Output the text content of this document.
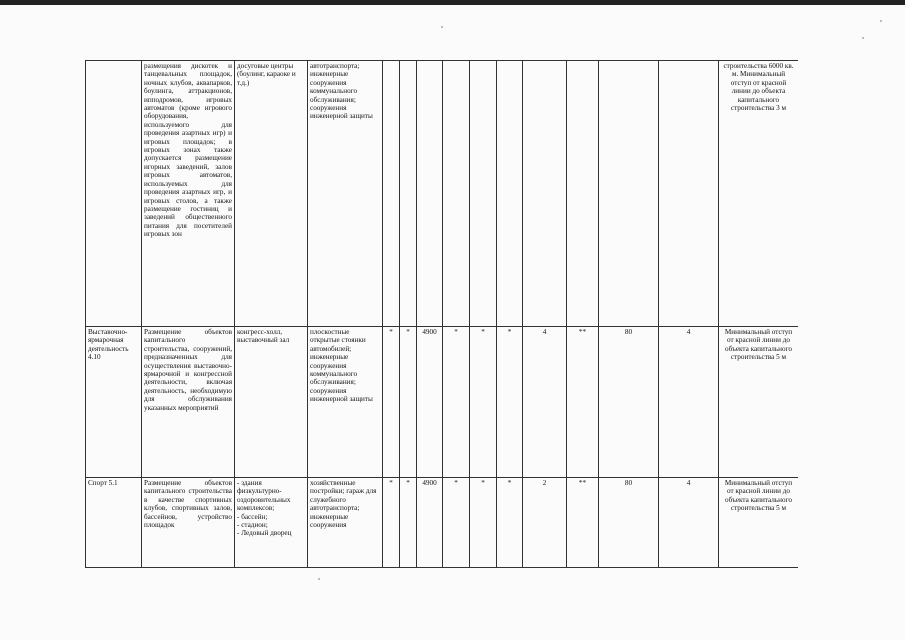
	размещения дискотек и танцевальных площадок, ночных клубов, аквапарков, боулинга, аттракционов, ипподромов, игровых автоматов (кроме игрового оборудования, используемого для проведения азартных игр) и игровых площадок; в игровых зонах также допускается размещение игорных заведений, залов игровых автоматов, используемых для проведения азартных игр, и игровых столов, а также размещение гостиниц и заведений общественного питания для посетителей игровых зон	досуговые центры (боулинг, караоке и т.д.)	автотранспорта; инженерные сооружения коммунального обслуживания; сооружения инженерной защиты											строительства 6000 кв. м. Минимальный отступ от красной линии до объекта капитального строительства 3 м
Выставочно-ярмарочная деятельность 4.10	Размещение объектов капитального строительства, сооружений, предназначенных для осуществления выставочно-ярмарочной и конгрессной деятельности, включая деятельность, необходимую для обслуживания указанных мероприятий	конгресс-холл, выставочный зал	плоскостные открытые стоянки автомобилей; инженерные сооружения коммунального обслуживания; сооружения инженерной защиты	*	*	4900	*	*	*	4	**	80	4	Минимальный отступ от красной линии до объекта капитального строительства 5 м
Спорт 5.1	Размещение объектов капитального строительства в качестве спортивных клубов, спортивных залов, бассейнов, устройство площадок	- здания физкультурно-оздоровительных комплексов;
- бассейн;
- стадион;
- Ледовый дворец	хозяйственные постройки; гараж для служебного автотранспорта; инженерные сооружения	*	*	4900	*	*	*	2	**	80	4	Минимальный отступ от красной линии до объекта капитального строительства 5 м
